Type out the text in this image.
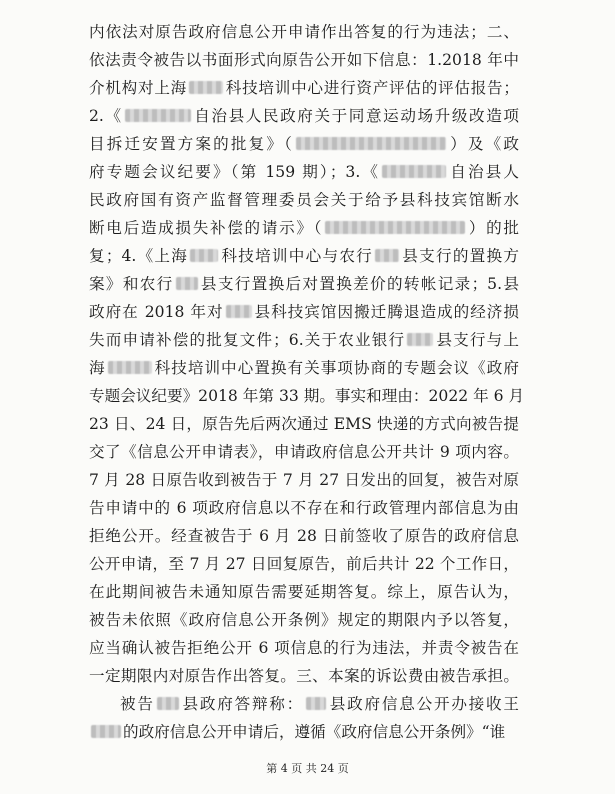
内依法对原告政府信息公开申请作出答复的行为违法；二、
依法责令被告以书面形式向原告公开如下信息：1.2018 年中
介机构对上海 科技培训中心进行资产评估的评估报告；
2.《	自治县人民政府关于同意运动场升级改造项
目拆迁安置方案的批复》（	）及《政
府专题会议纪要》（第 159 期）；3.《	自治县人
民政府国有资产监督管理委员会关于给予县科技宾馆断水
断电后造成损失补偿的请示》（	）的批
复；4.《上海 科技培训中心与农行 县支行的置换方
案》和农行 县支行置换后对置换差价的转帐记录；5.县
政府在 2018 年对 县科技宾馆因搬迁腾退造成的经济损
失而申请补偿的批复文件；6.关于农业银行 县支行与上
海	科技培训中心置换有关事项协商的专题会议《政府
专题会议纪要》2018 年第 33 期。事实和理由：2022 年 6 月
23 日、24 日，原告先后两次通过 EMS 快递的方式向被告提
交了《信息公开申请表》，申请政府信息公开共计 9 项内容。
7 月 28 日原告收到被告于 7 月 27 日发出的回复，被告对原
告申请中的 6 项政府信息以不存在和行政管理内部信息为由
拒绝公开。经查被告于 6 月 28 日前签收了原告的政府信息
公开申请，至 7 月 27 日回复原告，前后共计 22 个工作日，
在此期间被告未通知原告需要延期答复。综上，原告认为，
被告未依照《政府信息公开条例》规定的期限内予以答复，
应当确认被告拒绝公开 6 项信息的行为违法，并责令被告在
一定期限内对原告作出答复。三、本案的诉讼费由被告承担。
被告 县政府答辩称： 县政府信息公开办接收王
的政府信息公开申请后，遵循《政府信息公开条例》“谁
第 4 页 共 24 页
